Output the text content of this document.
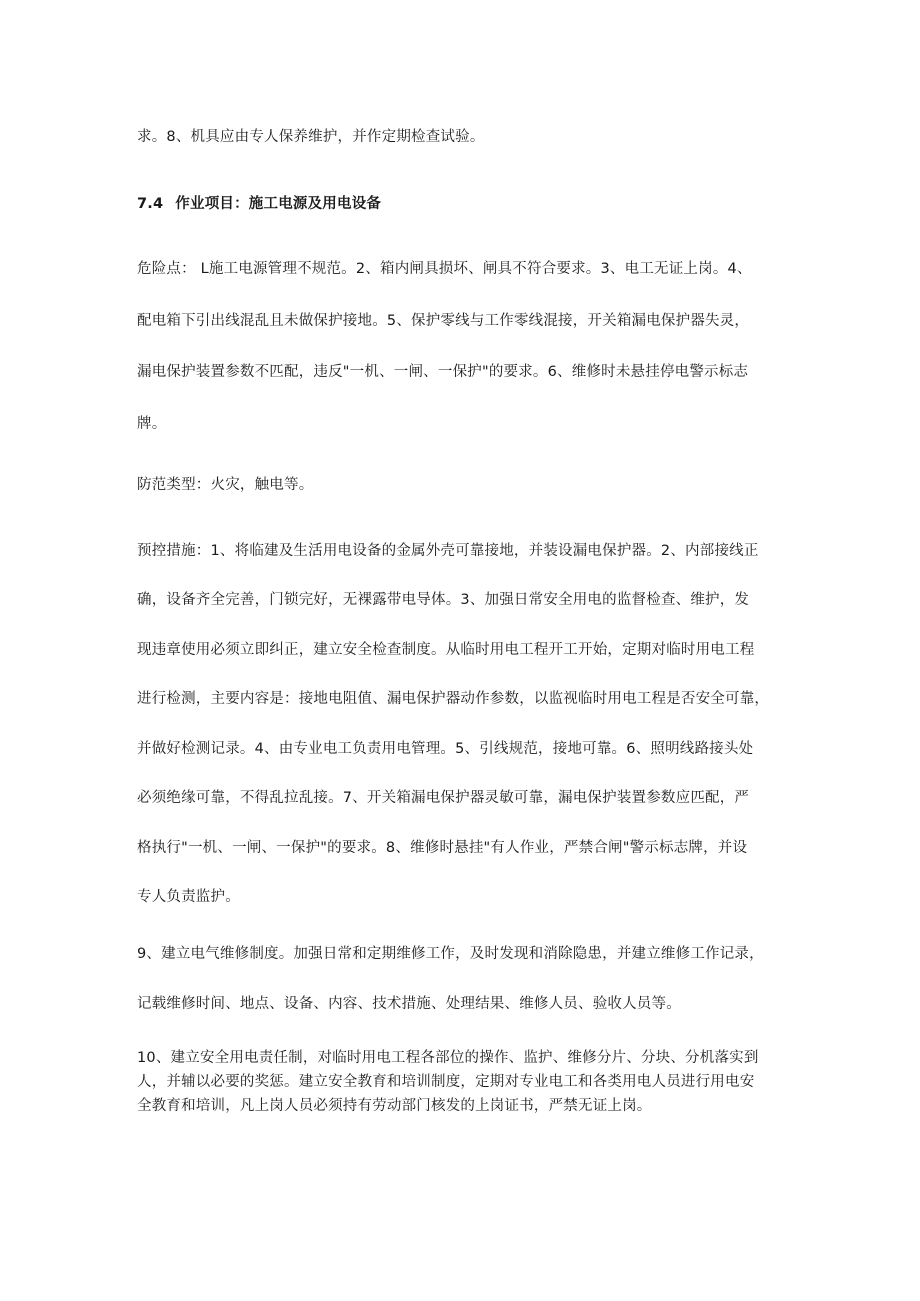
求。8、机具应由专人保养维护，并作定期检查试验。
7.4 作业项目：施工电源及用电设备
危险点： L施工电源管理不规范。2、箱内闸具损坏、闸具不符合要求。3、电工无证上岗。4、
配电箱下引出线混乱且未做保护接地。5、保护零线与工作零线混接，开关箱漏电保护器失灵，
漏电保护装置参数不匹配，违反"一机、一闸、一保护"的要求。6、维修时未悬挂停电警示标志
牌。
防范类型：火灾，触电等。
预控措施：1、将临建及生活用电设备的金属外壳可靠接地，并装设漏电保护器。2、内部接线正
确，设备齐全完善，门锁完好，无裸露带电导体。3、加强日常安全用电的监督检查、维护，发
现违章使用必须立即纠正，建立安全检查制度。从临时用电工程开工开始，定期对临时用电工程
进行检测，主要内容是：接地电阻值、漏电保护器动作参数，以监视临时用电工程是否安全可靠，
并做好检测记录。4、由专业电工负责用电管理。5、引线规范，接地可靠。6、照明线路接头处
必须绝缘可靠，不得乱拉乱接。7、开关箱漏电保护器灵敏可靠，漏电保护装置参数应匹配，严
格执行"一机、一闸、一保护"的要求。8、维修时悬挂"有人作业，严禁合闸"警示标志牌，并设
专人负责监护。
9、建立电气维修制度。加强日常和定期维修工作，及时发现和消除隐患，并建立维修工作记录，
记载维修时间、地点、设备、内容、技术措施、处理结果、维修人员、验收人员等。
10、建立安全用电责任制，对临时用电工程各部位的操作、监护、维修分片、分块、分机落实到
人，并辅以必要的奖惩。建立安全教育和培训制度，定期对专业电工和各类用电人员进行用电安
全教育和培训，凡上岗人员必须持有劳动部门核发的上岗证书，严禁无证上岗。
